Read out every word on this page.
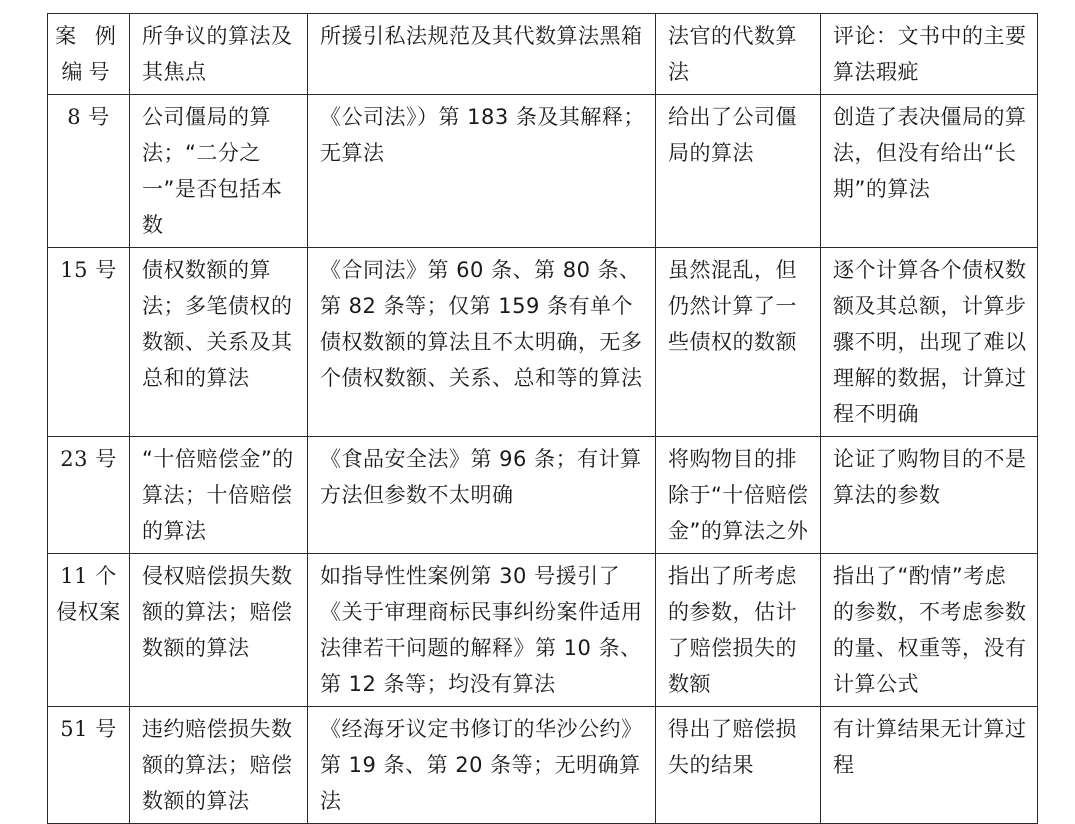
案 例 编号	所争议的算法及其焦点	所援引私法规范及其代数算法黑箱	法官的代数算法	评论：文书中的主要算法瑕疵
8 号	公司僵局的算法；“二分之一”是否包括本数	《公司法》）第 183 条及其解释；无算法	给出了公司僵局的算法	创造了表决僵局的算法，但没有给出“长期”的算法
15 号	债权数额的算法；多笔债权的数额、关系及其总和的算法	《合同法》第 60 条、第 80 条、第 82 条等；仅第 159 条有单个债权数额的算法且不太明确，无多个债权数额、关系、总和等的算法	虽然混乱，但仍然计算了一些债权的数额	逐个计算各个债权数额及其总额，计算步骤不明，出现了难以理解的数据，计算过程不明确
23 号	“十倍赔偿金”的算法；十倍赔偿的算法	《食品安全法》第 96 条；有计算方法但参数不太明确	将购物目的排除于“十倍赔偿金”的算法之外	论证了购物目的不是算法的参数
11 个侵权案	侵权赔偿损失数额的算法；赔偿数额的算法	如指导性性案例第 30 号援引了《关于审理商标民事纠纷案件适用法律若干问题的解释》第 10 条、第 12 条等；均没有算法	指出了所考虑的参数，估计了赔偿损失的数额	指出了“酌情”考虑的参数，不考虑参数的量、权重等，没有计算公式
51 号	违约赔偿损失数额的算法；赔偿数额的算法	《经海牙议定书修订的华沙公约》第 19 条、第 20 条等；无明确算法	得出了赔偿损失的结果	有计算结果无计算过程
